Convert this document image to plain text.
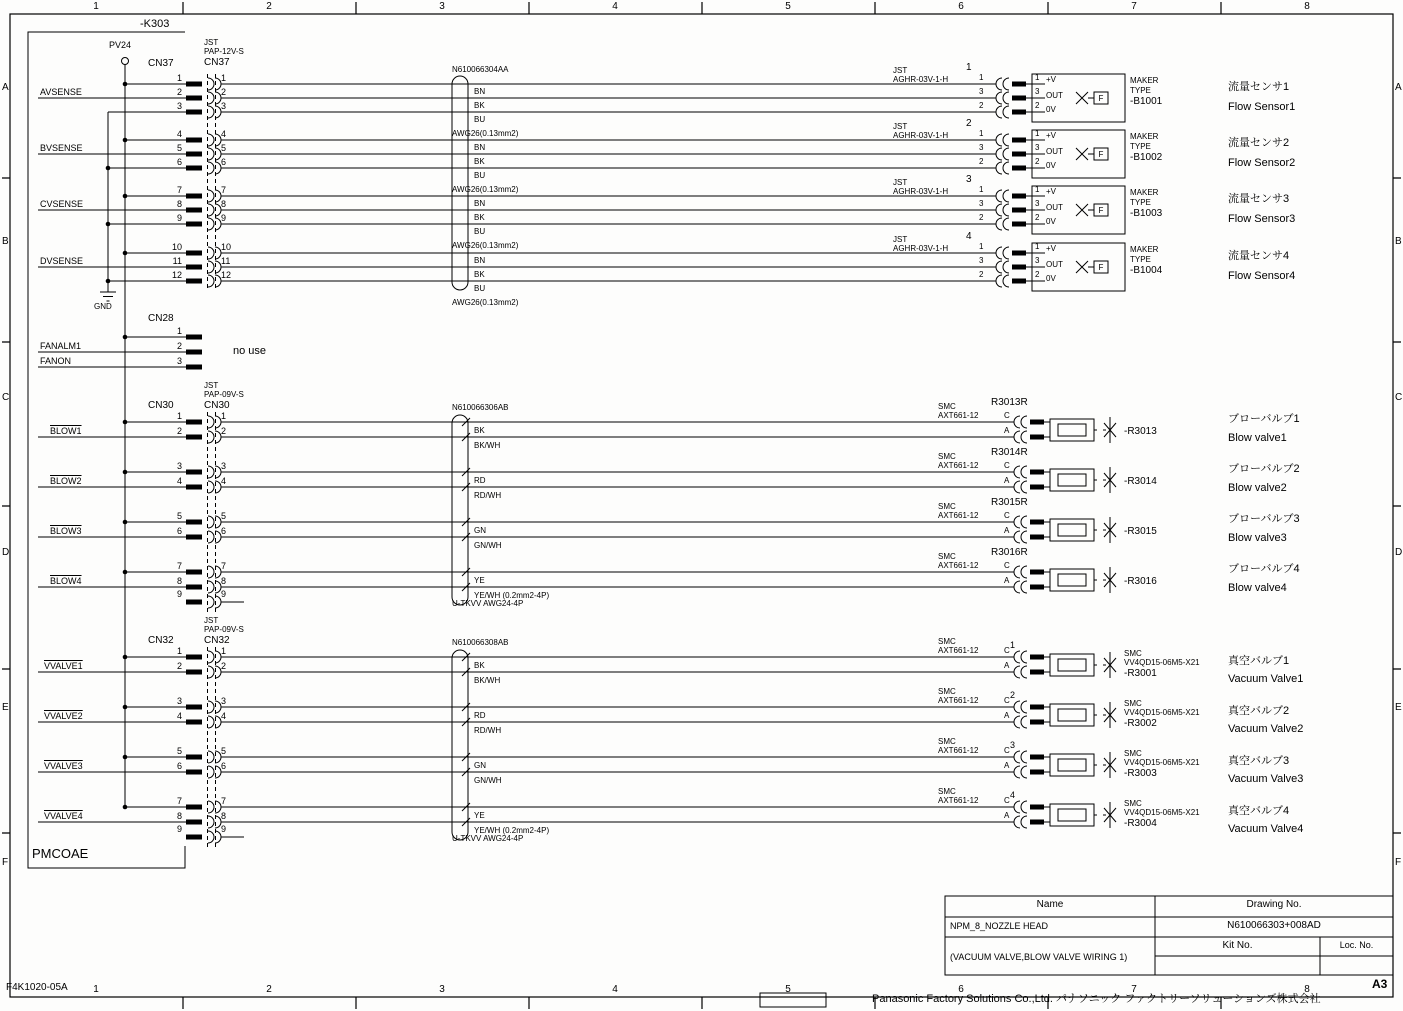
1	2	3	4	5	6	7	8
1	2	3	4	5	6	7	8
A
B
C
D
E
F
A
B
C
D
E
F
-K303
PV24
GND
PMCOAE
CN37
JST
PAP-12V-S
CN37
N610066304AA
1
2
3
1
2
3
AVSENSE	BN
BK
BU
AWG26(0.13mm2)
JST
AGHR-03V-1-H
1
1
3
2
1
3
2
+V
OUT
0V
F
MAKER
TYPE
-B1001
流量センサ1
Flow Sensor1
4
5
6
4
5
6
BVSENSE	BN
BK
BU
AWG26(0.13mm2)
JST
AGHR-03V-1-H
2
1
3
2
1
3
2
+V
OUT
0V
F
MAKER
TYPE
-B1002
流量センサ2
Flow Sensor2
7
8
9
7
8
9
CVSENSE	BN
BK
BU
AWG26(0.13mm2)
JST
AGHR-03V-1-H
3
1
3
2
1
3
2
+V
OUT
0V
F
MAKER
TYPE
-B1003
流量センサ3
Flow Sensor3
10
11
12
10
11
12
DVSENSE	BN
BK
BU
AWG26(0.13mm2)
JST
AGHR-03V-1-H
4
1
3
2
1
3
2
+V
OUT
0V
F
MAKER
TYPE
-B1004
流量センサ4
Flow Sensor4
CN28
1
2
3
FANALM1
FANON
no use
JST
PAP-09V-S
CN30
CN30	N610066306AB
U-TKVV AWG24-4P
9	9
1
2
1
2
BLOW1	BK
BK/WH
SMC
AXT661-12
R3013R
C
A	-R3013
ブローバルブ1
Blow valve1
3
4
3
4
BLOW2	RD
RD/WH
SMC
AXT661-12
R3014R
C
A	-R3014
ブローバルブ2
Blow valve2
5
6
5
6
BLOW3	GN
GN/WH
SMC
AXT661-12
R3015R
C
A	-R3015
ブローバルブ3
Blow valve3
7
8
7
8
BLOW4	YE
YE/WH (0.2mm2-4P)
SMC
AXT661-12
R3016R
C
A	-R3016
ブローバルブ4
Blow valve4
JST
PAP-09V-S
CN32
CN32	N610066308AB
U-TKVV AWG24-4P
9	9
1
2
1
2
VVALVE1	BK
BK/WH
SMC
AXT661-12
1
C
A
SMC
VV4QD15-06M5-X21
-R3001
真空バルブ1
Vacuum Valve1
3
4
3
4
VVALVE2	RD
RD/WH
SMC
AXT661-12
2
C
A
SMC
VV4QD15-06M5-X21
-R3002
真空バルブ2
Vacuum Valve2
5
6
5
6
VVALVE3	GN
GN/WH
SMC
AXT661-12
3
C
A
SMC
VV4QD15-06M5-X21
-R3003
真空バルブ3
Vacuum Valve3
7
8
7
8
VVALVE4	YE
YE/WH (0.2mm2-4P)
SMC
AXT661-12
4
C
A
SMC
VV4QD15-06M5-X21
-R3004
真空バルブ4
Vacuum Valve4
Name	Drawing No.
NPM_8_NOZZLE HEAD	N610066303+008AD
Kit No.	Loc. No.
(VACUUM VALVE,BLOW VALVE WIRING 1)
F4K1020-05A
Panasonic Factory Solutions Co.,Ltd. パナソニック ファクトリーソリューションズ株式会社
A3
